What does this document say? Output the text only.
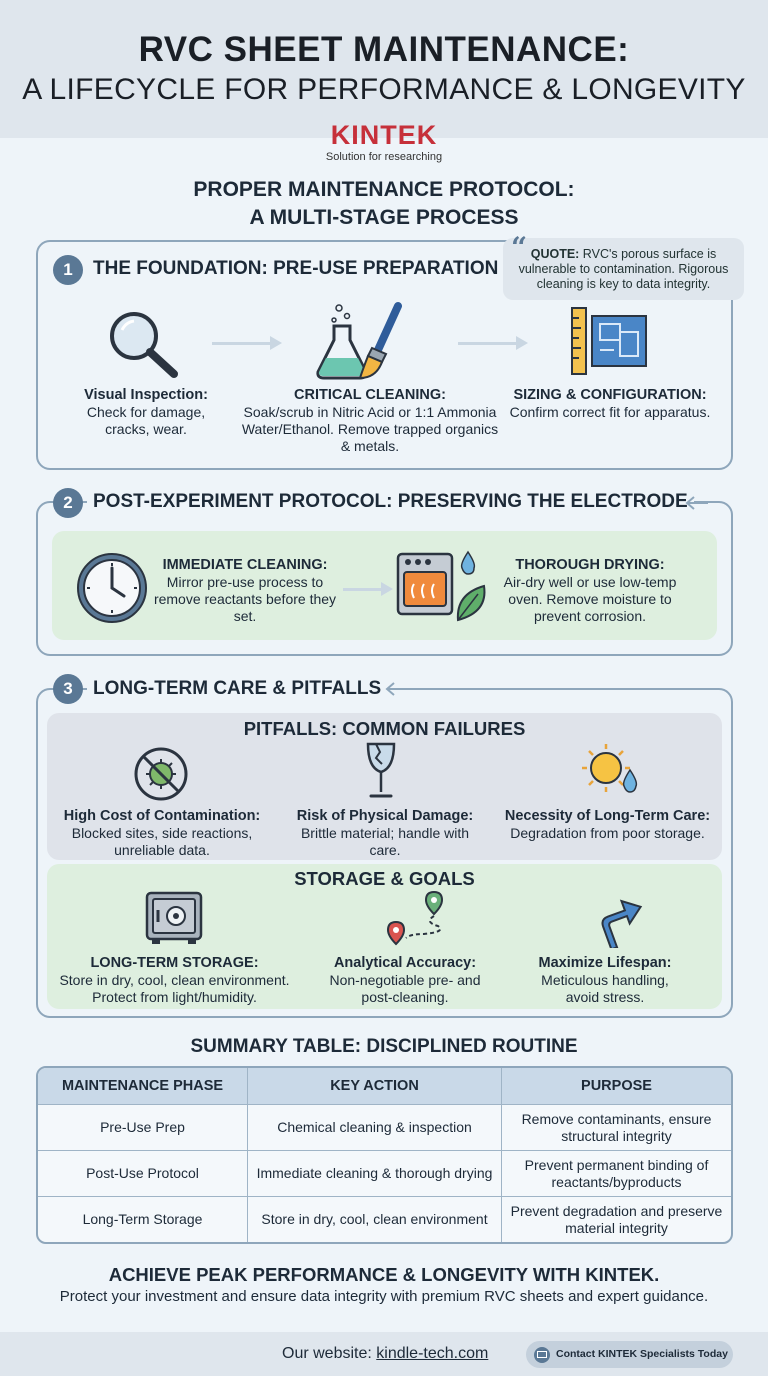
RVC SHEET MAINTENANCE:
A LIFECYCLE FOR PERFORMANCE & LONGEVITY
KINTEK
Solution for researching
PROPER MAINTENANCE PROTOCOL:
A MULTI-STAGE PROCESS
1	THE FOUNDATION: PRE-USE PREPARATION
“ QUOTE: RVC's porous surface is vulnerable to contamination. Rigorous cleaning is key to data integrity.
Visual Inspection:
Check for damage, cracks, wear.
CRITICAL CLEANING:
Soak/scrub in Nitric Acid or 1:1 Ammonia Water/Ethanol. Remove trapped organics & metals.
SIZING & CONFIGURATION:
Confirm correct fit for apparatus.
2	POST-EXPERIMENT PROTOCOL: PRESERVING THE ELECTRODE
IMMEDIATE CLEANING:
Mirror pre-use process to remove reactants before they set.
THOROUGH DRYING:
Air-dry well or use low-temp oven. Remove moisture to prevent corrosion.
3	LONG-TERM CARE & PITFALLS
PITFALLS: COMMON FAILURES
High Cost of Contamination:
Blocked sites, side reactions, unreliable data.
Risk of Physical Damage:
Brittle material; handle with care.
Necessity of Long-Term Care:
Degradation from poor storage.
STORAGE & GOALS
LONG-TERM STORAGE:
Store in dry, cool, clean environment. Protect from light/humidity.
Analytical Accuracy:
Non-negotiable pre- and post-cleaning.
Maximize Lifespan:
Meticulous handling, avoid stress.
SUMMARY TABLE: DISCIPLINED ROUTINE
MAINTENANCE PHASE	KEY ACTION	PURPOSE
Pre-Use Prep	Chemical cleaning & inspection	Remove contaminants, ensure structural integrity
Post-Use Protocol	Immediate cleaning & thorough drying	Prevent permanent binding of reactants/byproducts
Long-Term Storage	Store in dry, cool, clean environment	Prevent degradation and preserve material integrity
ACHIEVE PEAK PERFORMANCE & LONGEVITY WITH KINTEK.
Protect your investment and ensure data integrity with premium RVC sheets and expert guidance.
Our website: kindle-tech.com	Contact KINTEK Specialists Today
